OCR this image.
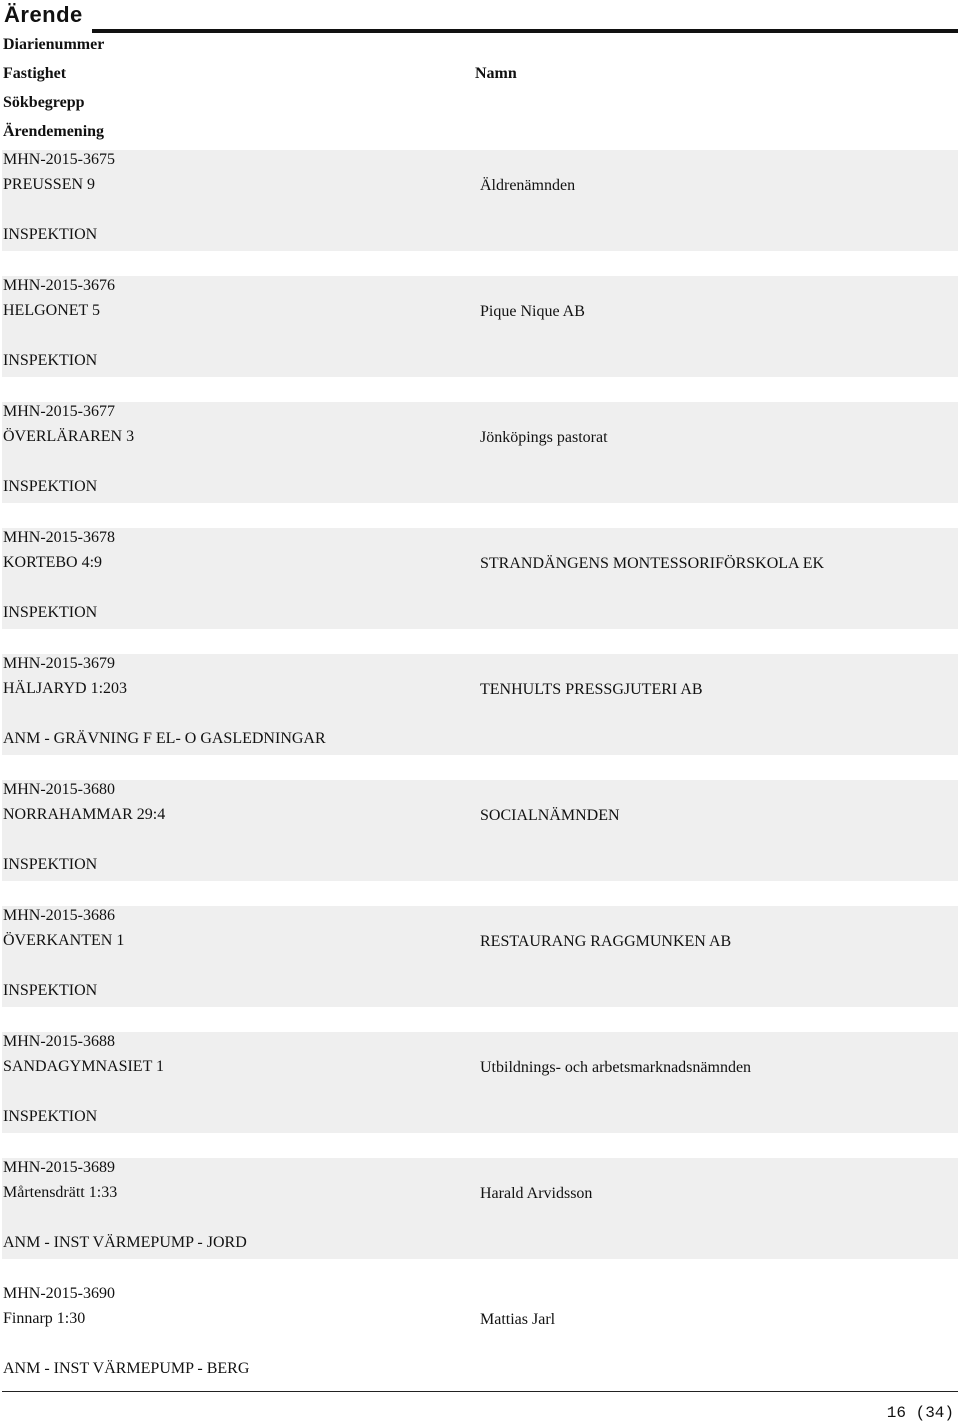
Ärende
Diarienummer
Fastighet	Namn
Sökbegrepp
Ärendemening
MHN-2015-3675
PREUSSEN 9	Äldrenämnden
INSPEKTION
MHN-2015-3676
HELGONET 5	Pique Nique AB
INSPEKTION
MHN-2015-3677
ÖVERLÄRAREN 3	Jönköpings pastorat
INSPEKTION
MHN-2015-3678
KORTEBO 4:9	STRANDÄNGENS MONTESSORIFÖRSKOLA EK
INSPEKTION
MHN-2015-3679
HÄLJARYD 1:203	TENHULTS PRESSGJUTERI AB
ANM - GRÄVNING F EL- O GASLEDNINGAR
MHN-2015-3680
NORRAHAMMAR 29:4	SOCIALNÄMNDEN
INSPEKTION
MHN-2015-3686
ÖVERKANTEN 1	RESTAURANG RAGGMUNKEN AB
INSPEKTION
MHN-2015-3688
SANDAGYMNASIET 1	Utbildnings- och arbetsmarknadsnämnden
INSPEKTION
MHN-2015-3689
Mårtensdrätt 1:33	Harald Arvidsson
ANM - INST VÄRMEPUMP - JORD
MHN-2015-3690
Finnarp 1:30	Mattias Jarl
ANM - INST VÄRMEPUMP - BERG
16 (34)
